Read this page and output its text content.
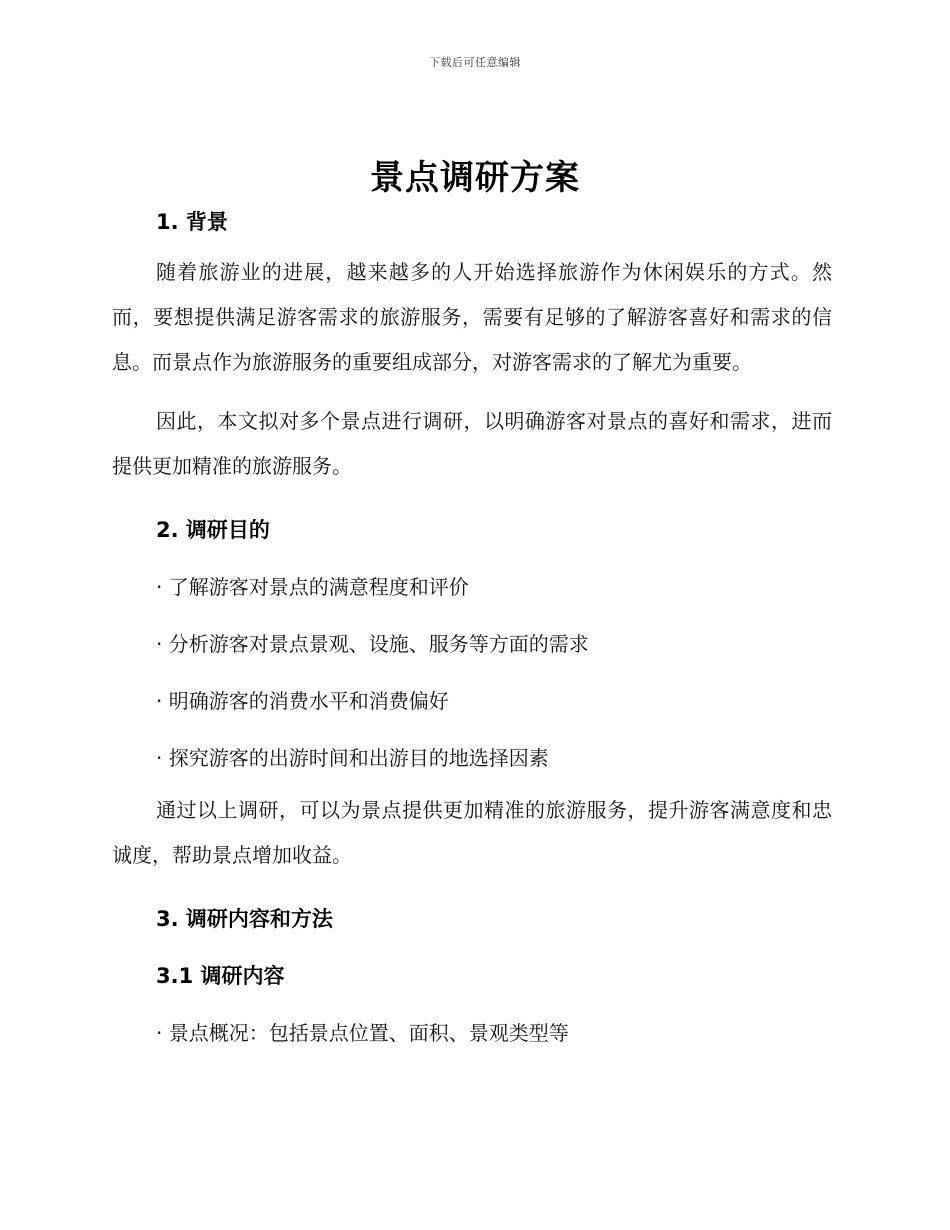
下载后可任意编辑
景点调研方案
1. 背景

随着旅游业的进展，越来越多的人开始选择旅游作为休闲娱乐的方式。然而，要想提供满足游客需求的旅游服务，需要有足够的了解游客喜好和需求的信息。而景点作为旅游服务的重要组成部分，对游客需求的了解尤为重要。

因此，本文拟对多个景点进行调研，以明确游客对景点的喜好和需求，进而提供更加精准的旅游服务。

2. 调研目的
· 了解游客对景点的满意程度和评价
· 分析游客对景点景观、设施、服务等方面的需求
· 明确游客的消费水平和消费偏好
· 探究游客的出游时间和出游目的地选择因素

通过以上调研，可以为景点提供更加精准的旅游服务，提升游客满意度和忠诚度，帮助景点增加收益。

3. 调研内容和方法
3.1 调研内容
· 景点概况：包括景点位置、面积、景观类型等
